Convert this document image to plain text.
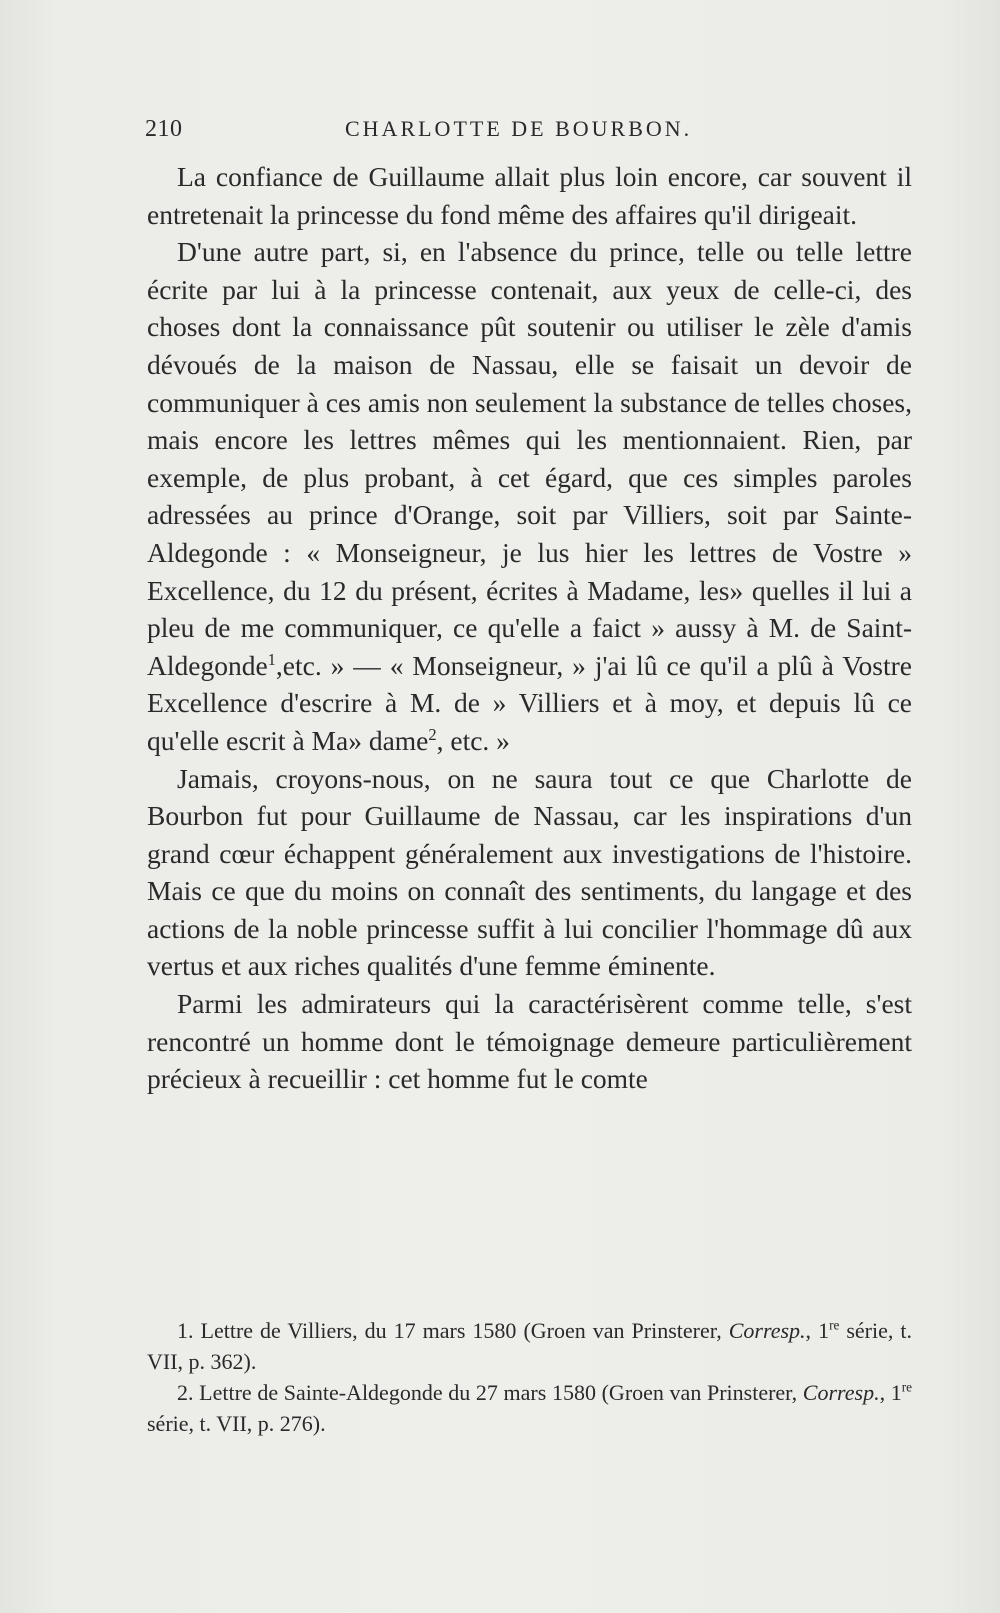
210	CHARLOTTE DE BOURBON.

La confiance de Guillaume allait plus loin encore, car souvent il entretenait la princesse du fond même des affaires qu'il dirigeait.

D'une autre part, si, en l'absence du prince, telle ou telle lettre écrite par lui à la princesse contenait, aux yeux de celle-ci, des choses dont la connaissance pût soutenir ou utiliser le zèle d'amis dévoués de la maison de Nassau, elle se faisait un devoir de communiquer à ces amis non seulement la substance de telles choses, mais encore les lettres mêmes qui les mentionnaient. Rien, par exemple, de plus probant, à cet égard, que ces simples paroles adressées au prince d'Orange, soit par Villiers, soit par Sainte-Aldegonde : « Monseigneur, je lus hier les lettres de Vostre » Excellence, du 12 du présent, écrites à Madame, les» quelles il lui a pleu de me communiquer, ce qu'elle a faict » aussy à M. de Saint-Aldegonde$^1$,etc. » — « Monseigneur, » j'ai lû ce qu'il a plû à Vostre Excellence d'escrire à M. de » Villiers et à moy, et depuis lû ce qu'elle escrit à Ma» dame$^2$, etc. »

Jamais, croyons-nous, on ne saura tout ce que Charlotte de Bourbon fut pour Guillaume de Nassau, car les inspirations d'un grand cœur échappent généralement aux investigations de l'histoire. Mais ce que du moins on connaît des sentiments, du langage et des actions de la noble princesse suffit à lui concilier l'hommage dû aux vertus et aux riches qualités d'une femme éminente.

Parmi les admirateurs qui la caractérisèrent comme telle, s'est rencontré un homme dont le témoignage demeure particulièrement précieux à recueillir : cet homme fut le comte

1. Lettre de Villiers, du 17 mars 1580 (Groen van Prinsterer, Corresp., 1re série, t. VII, p. 362).

2. Lettre de Sainte-Aldegonde du 27 mars 1580 (Groen van Prinsterer, Corresp., 1re série, t. VII, p. 276).
